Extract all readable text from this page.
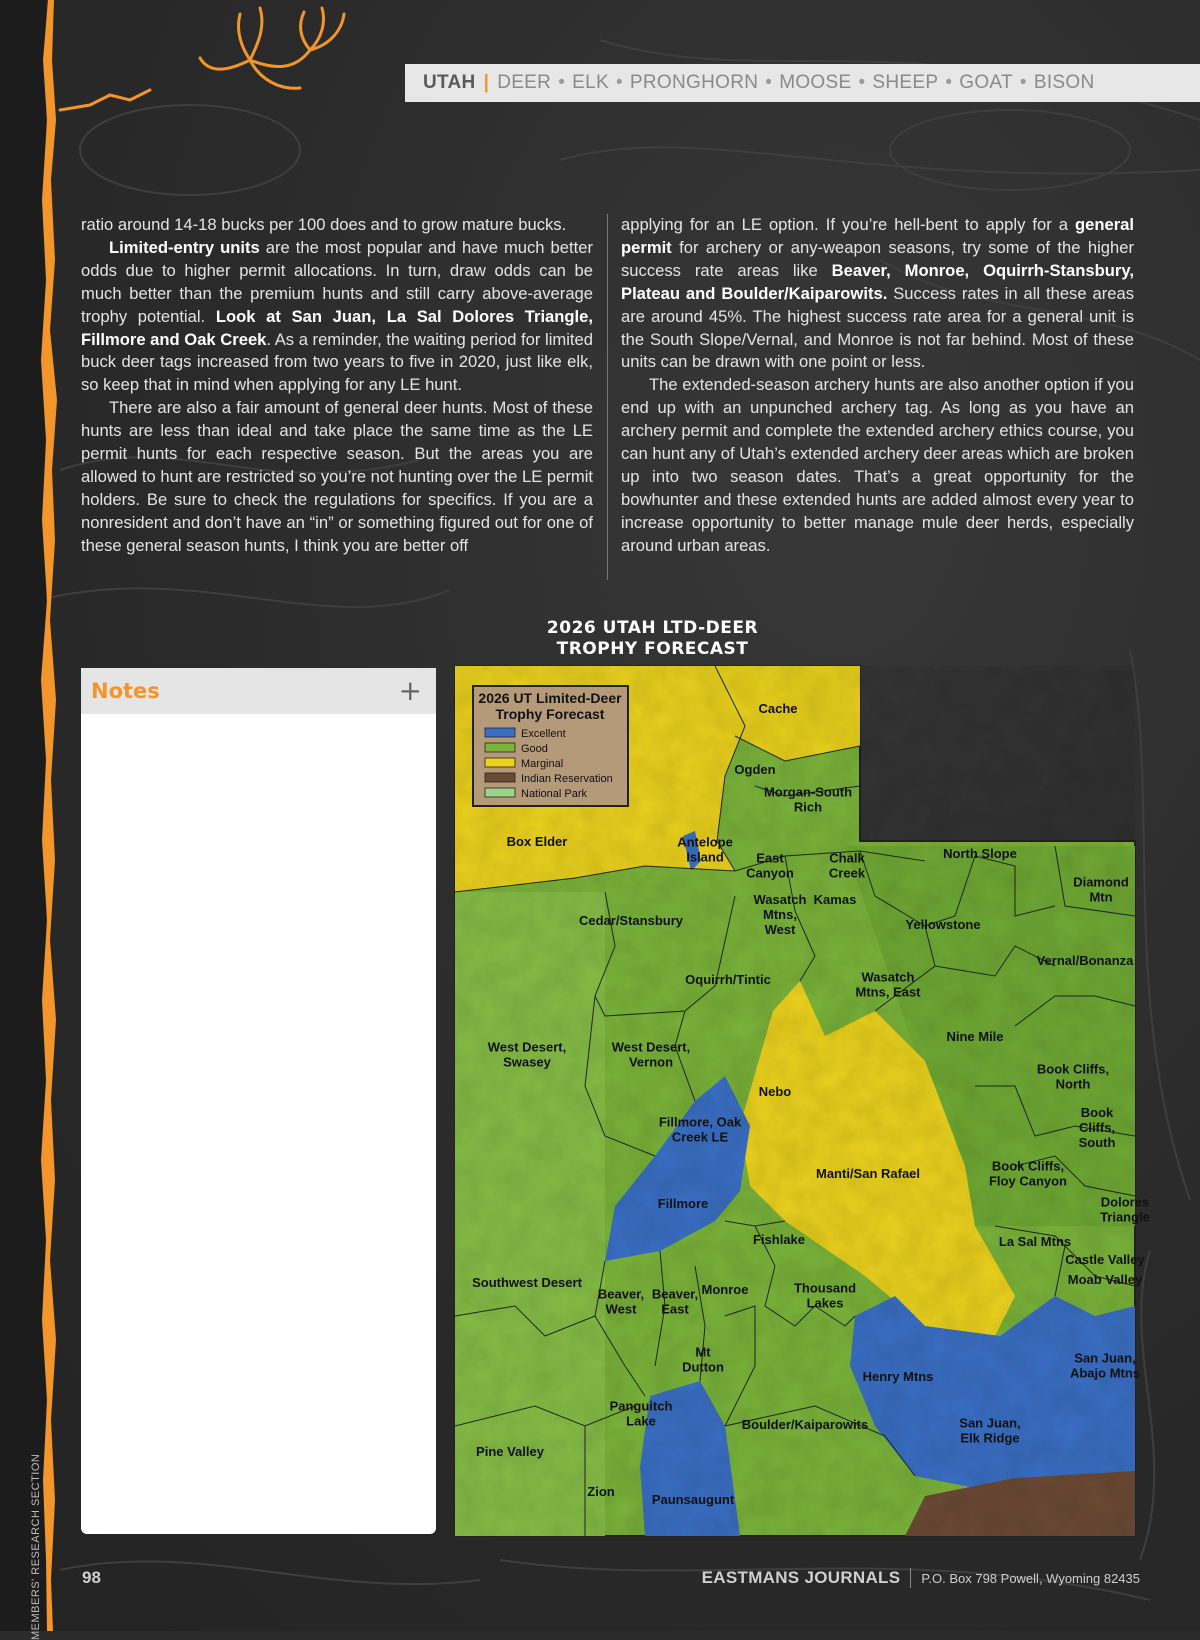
UTAH | DEER • ELK • PRONGHORN • MOOSE • SHEEP • GOAT • BISON

ratio around 14-18 bucks per 100 does and to grow mature bucks.

Limited-entry units are the most popular and have much better odds due to higher permit allocations. In turn, draw odds can be much better than the premium hunts and still carry above-average trophy potential. Look at San Juan, La Sal Dolores Triangle, Fillmore and Oak Creek. As a reminder, the waiting period for limited buck deer tags increased from two years to five in 2020, just like elk, so keep that in mind when applying for any LE hunt.

There are also a fair amount of general deer hunts. Most of these hunts are less than ideal and take place the same time as the LE permit hunts for each respective season. But the areas you are allowed to hunt are restricted so you’re not hunting over the LE permit holders. Be sure to check the regulations for specifics. If you are a nonresident and don’t have an “in” or something figured out for one of these general season hunts, I think you are better off

applying for an LE option. If you’re hell-bent to apply for a general permit for archery or any-weapon seasons, try some of the higher success rate areas like Beaver, Monroe, Oquirrh-Stansbury, Plateau and Boulder/Kaiparowits. Success rates in all these areas are around 45%. The highest success rate area for a general unit is the South Slope/Vernal, and Monroe is not far behind. Most of these units can be drawn with one point or less.

The extended-season archery hunts are also another option if you end up with an unpunched archery tag. As long as you have an archery permit and complete the extended archery ethics course, you can hunt any of Utah’s extended archery deer areas which are broken up into two season dates. That’s a great opportunity for the bowhunter and these extended hunts are added almost every year to increase opportunity to better manage mule deer herds, especially around urban areas.

2026 UTAH LTD-DEER
TROPHY FORECAST
Notes	+	2026 UT Limited-Deer
Trophy Forecast
Excellent
Good
Marginal
Indian Reservation
National Park
Cache
Ogden
Morgan-South Rich
Box Elder	Antelope Island	East Canyon
Chalk Creek
North Slope
Diamond Mtn
Kamas
Cedar/Stansbury
Wasatch Mtns, West	Yellowstone
Vernal/Bonanza
Oquirrh/Tintic	Wasatch Mtns, East
Nine Mile
West Desert, Swasey
West Desert, Vernon	Book Cliffs, North
Nebo
Fillmore, Oak Creek LE
Book Cliffs, South
Manti/San Rafael	Book Cliffs, Floy Canyon
Fillmore	Dolores Triangle
Fishlake	La Sal Mtns
Castle Valley
Moab Valley
Southwest Desert	Monroe	Thousand Lakes
Beaver, West
Beaver, East
Mt Dutton
Henry Mtns
San Juan, Abajo Mtns
Panguitch Lake	Boulder/Kaiparowits	San Juan, Elk Ridge
Pine Valley
Zion
Paunsaugunt
MEMBERS' RESEARCH SECTION 98	EASTMANS JOURNALS P.O. Box 798 Powell, Wyoming 82435
